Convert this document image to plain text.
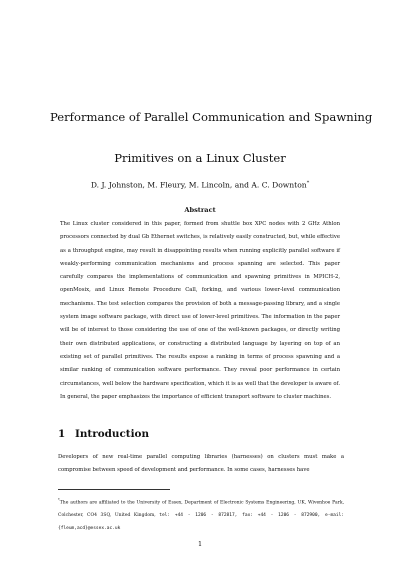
Performance of Parallel Communication and Spawning
Primitives on a Linux Cluster
D. J. Johnston, M. Fleury, M. Lincoln, and A. C. Downton*
Abstract

The Linux cluster considered in this paper, formed from shuttle box XPC nodes with 2 GHz Athlon processors connected by dual Gb Ethernet switches, is relatively easily constructed, but, while effective as a throughput engine, may result in disappointing results when running explicitly parallel software if weakly-performing communication mechanisms and process spanning are selected. This paper carefully compares the implementations of communication and spawning primitives in MPICH-2, openMosix, and Linux Remote Procedure Call, forking, and various lower-level communication mechanisms. The test selection compares the provision of both a message-passing library, and a single system image software package, with direct use of lower-level primitives. The information in the paper will be of interest to those considering the use of one of the well-known packages, or directly writing their own distributed applications, or constructing a distributed language by layering on top of an existing set of parallel primitives. The results expose a ranking in terms of process spawning and a similar ranking of communication software performance. They reveal poor performance in certain circumstances, well below the hardware specification, which it is as well that the developer is aware of. In general, the paper emphasizes the importance of efficient transport software to cluster machines.

1 Introduction

Developers of new real-time parallel computing libraries (harnesses) on clusters must make a compromise between speed of development and performance. In some cases, harnesses have

*The authors are affiliated to the University of Essex, Department of Electronic Systems Engineering, UK, Wivenhoe Park, Colchester, CO4 3SQ, United Kingdom, tel: +44 - 1206 - 872817, fax: +44 - 1206 - 872900, e-mail: {fleum,acd}@essex.ac.uk

1
